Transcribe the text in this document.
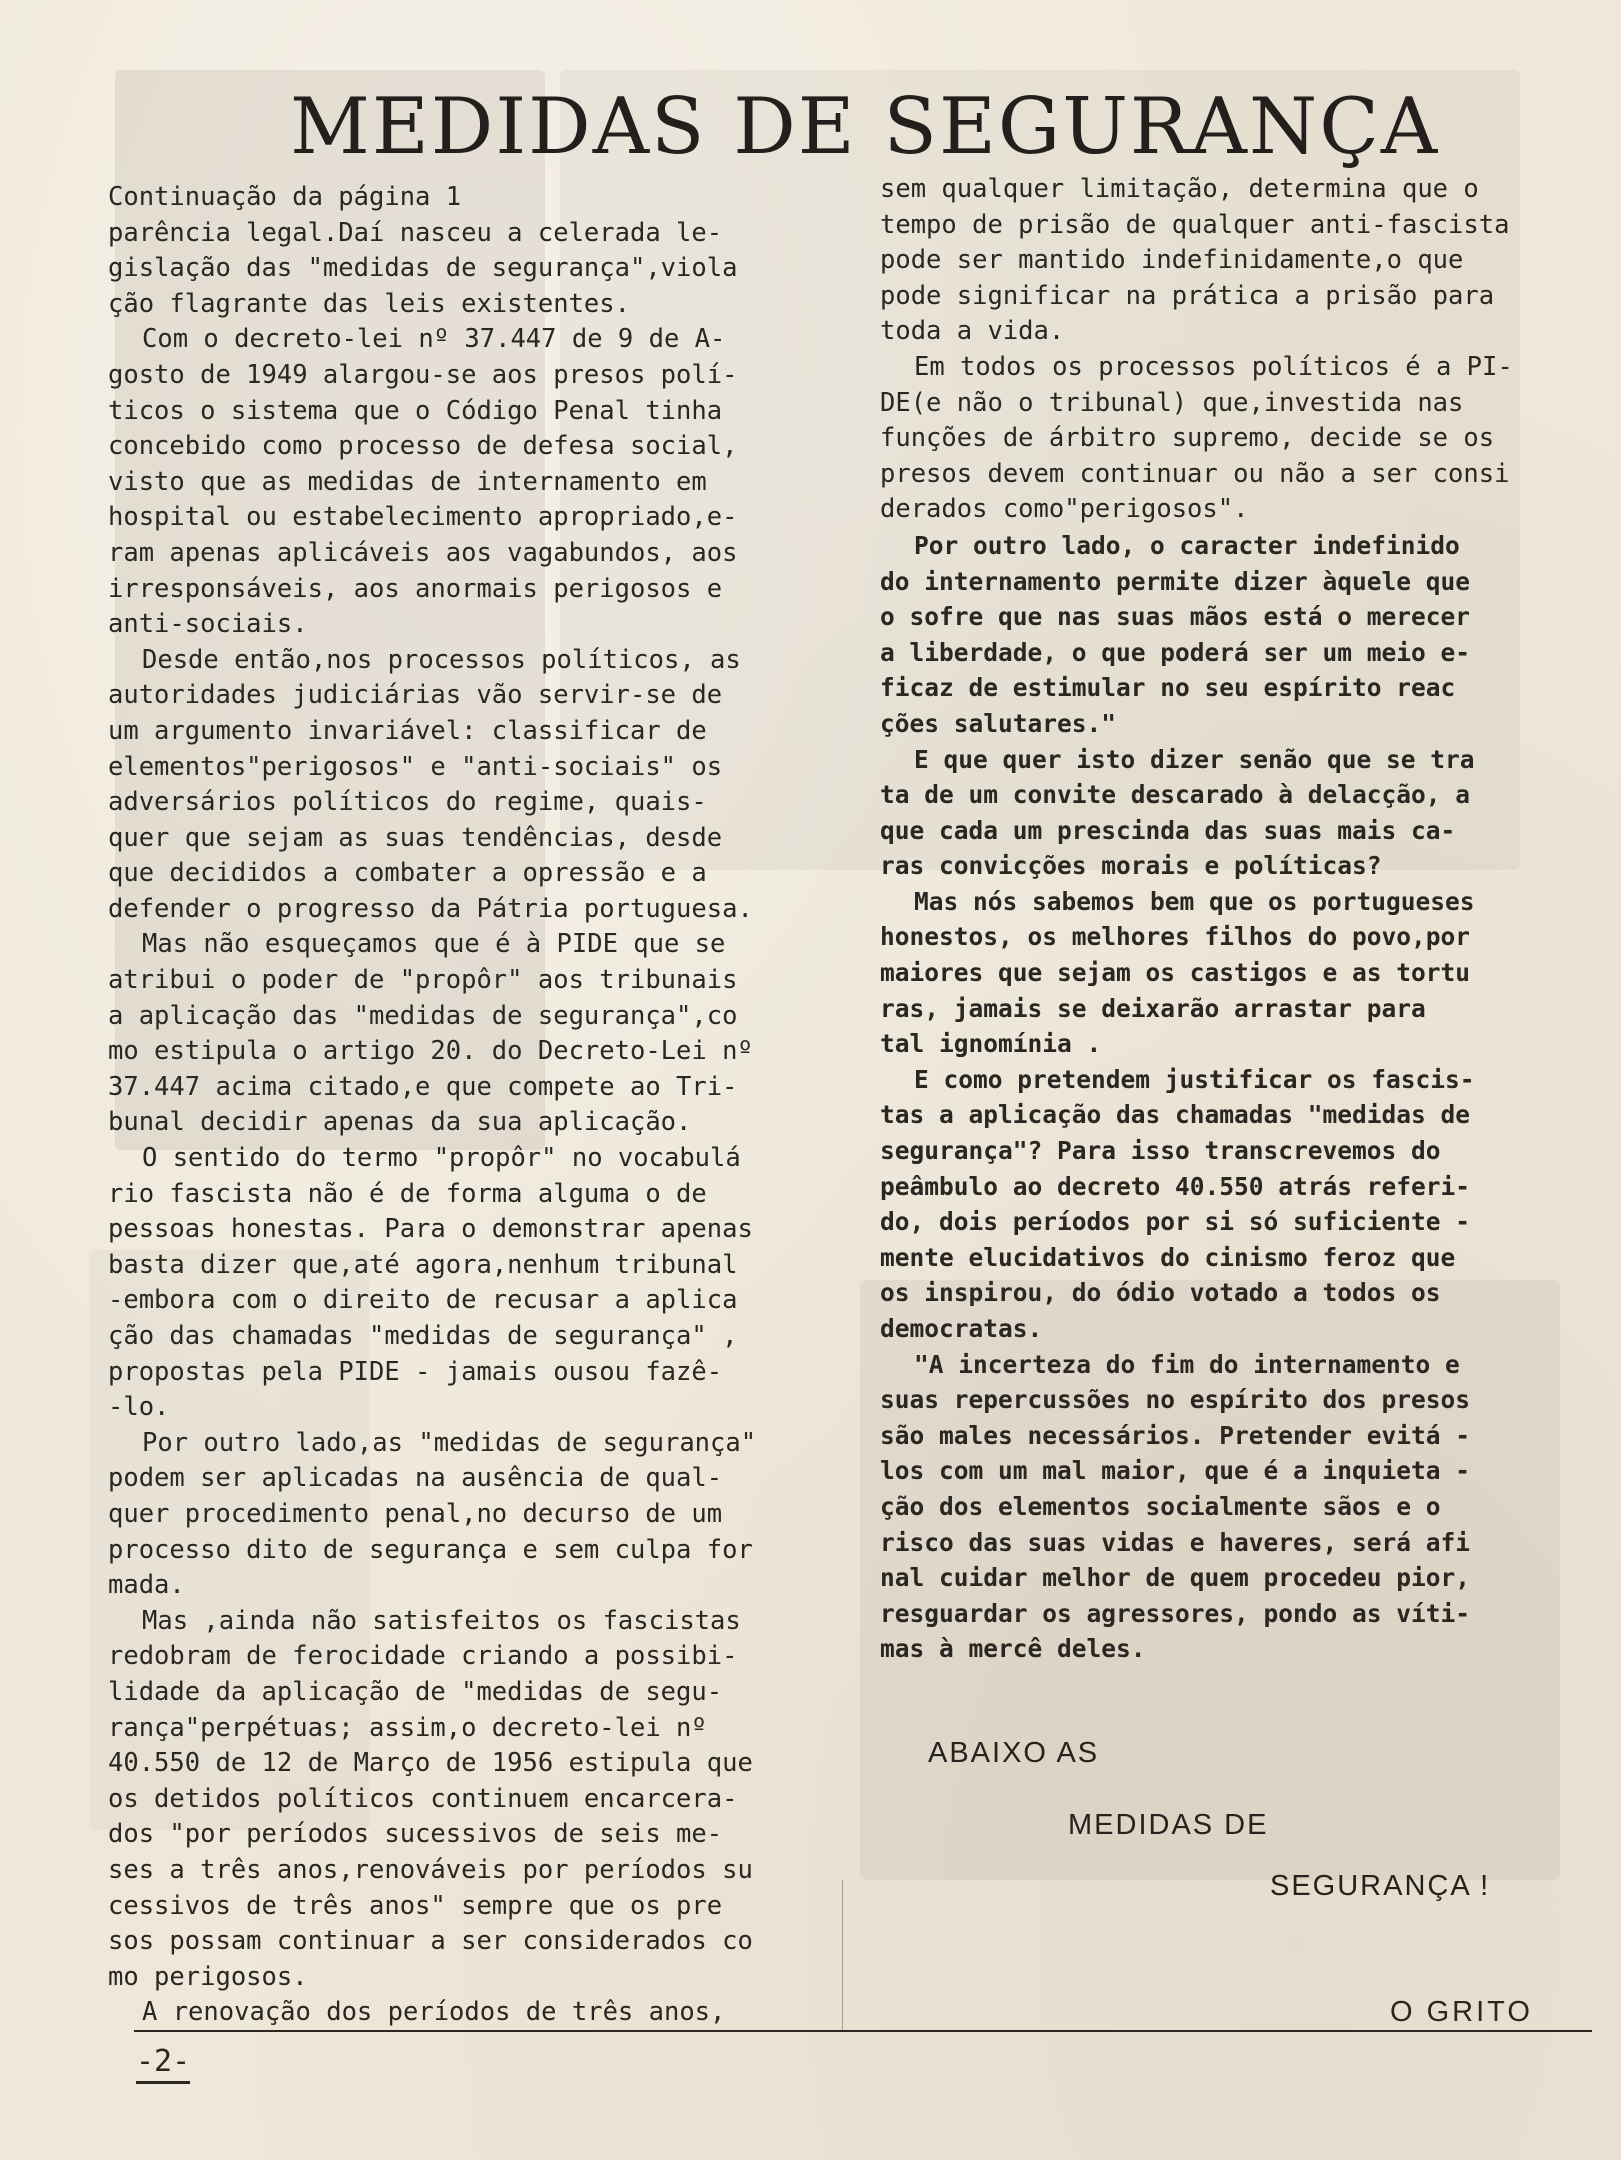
MEDIDAS DE SEGURANÇA

Continuação da página 1

parência legal.Daí nasceu a celerada le-
gislação das "medidas de segurança",viola
ção flagrante das leis existentes.

Com o decreto-lei nº 37.447 de 9 de A-
gosto de 1949 alargou-se aos presos polí-
ticos o sistema que o Código Penal tinha
concebido como processo de defesa social,
visto que as medidas de internamento em
hospital ou estabelecimento apropriado,e-
ram apenas aplicáveis aos vagabundos, aos
irresponsáveis, aos anormais perigosos e
anti-sociais.

Desde então,nos processos políticos, as
autoridades judiciárias vão servir-se de
um argumento invariável: classificar de
elementos"perigosos" e "anti-sociais" os
adversários políticos do regime, quais-
quer que sejam as suas tendências, desde
que decididos a combater a opressão e a
defender o progresso da Pátria portuguesa.

Mas não esqueçamos que é à PIDE que se
atribui o poder de "propôr" aos tribunais
a aplicação das "medidas de segurança",co
mo estipula o artigo 20. do Decreto-Lei nº
37.447 acima citado,e que compete ao Tri-
bunal decidir apenas da sua aplicação.

O sentido do termo "propôr" no vocabulá
rio fascista não é de forma alguma o de
pessoas honestas. Para o demonstrar apenas
basta dizer que,até agora,nenhum tribunal
-embora com o direito de recusar a aplica
ção das chamadas "medidas de segurança" ,
propostas pela PIDE - jamais ousou fazê-
-lo.

Por outro lado,as "medidas de segurança"
podem ser aplicadas na ausência de qual-
quer procedimento penal,no decurso de um
processo dito de segurança e sem culpa for
mada.

Mas ,ainda não satisfeitos os fascistas
redobram de ferocidade criando a possibi-
lidade da aplicação de "medidas de segu-
rança"perpétuas; assim,o decreto-lei nº
40.550 de 12 de Março de 1956 estipula que
os detidos políticos continuem encarcera-
dos "por períodos sucessivos de seis me-
ses a três anos,renováveis por períodos su
cessivos de três anos" sempre que os pre
sos possam continuar a ser considerados co
mo perigosos.

A renovação dos períodos de três anos,

sem qualquer limitação, determina que o
tempo de prisão de qualquer anti-fascista
pode ser mantido indefinidamente,o que
pode significar na prática a prisão para
toda a vida.

Em todos os processos políticos é a PI-
DE(e não o tribunal) que,investida nas
funções de árbitro supremo, decide se os
presos devem continuar ou não a ser consi
derados como"perigosos".

Por outro lado, o caracter indefinido
do internamento permite dizer àquele que
o sofre que nas suas mãos está o merecer
a liberdade, o que poderá ser um meio e-
ficaz de estimular no seu espírito reac
ções salutares."

E que quer isto dizer senão que se tra
ta de um convite descarado à delacção, a
que cada um prescinda das suas mais ca-
ras convicções morais e políticas?

Mas nós sabemos bem que os portugueses
honestos, os melhores filhos do povo,por
maiores que sejam os castigos e as tortu
ras, jamais se deixarão arrastar para
tal ignomínia .

E como pretendem justificar os fascis-
tas a aplicação das chamadas "medidas de
segurança"? Para isso transcrevemos do
peâmbulo ao decreto 40.550 atrás referi-
do, dois períodos por si só suficiente -
mente elucidativos do cinismo feroz que
os inspirou, do ódio votado a todos os
democratas.

"A incerteza do fim do internamento e
suas repercussões no espírito dos presos
são males necessários. Pretender evitá -
los com um mal maior, que é a inquieta -
ção dos elementos socialmente sãos e o
risco das suas vidas e haveres, será afi
nal cuidar melhor de quem procedeu pior,
resguardar os agressores, pondo as víti-
mas à mercê deles.

ABAIXO AS
MEDIDAS DE
SEGURANÇA !
O GRITO
-2-
